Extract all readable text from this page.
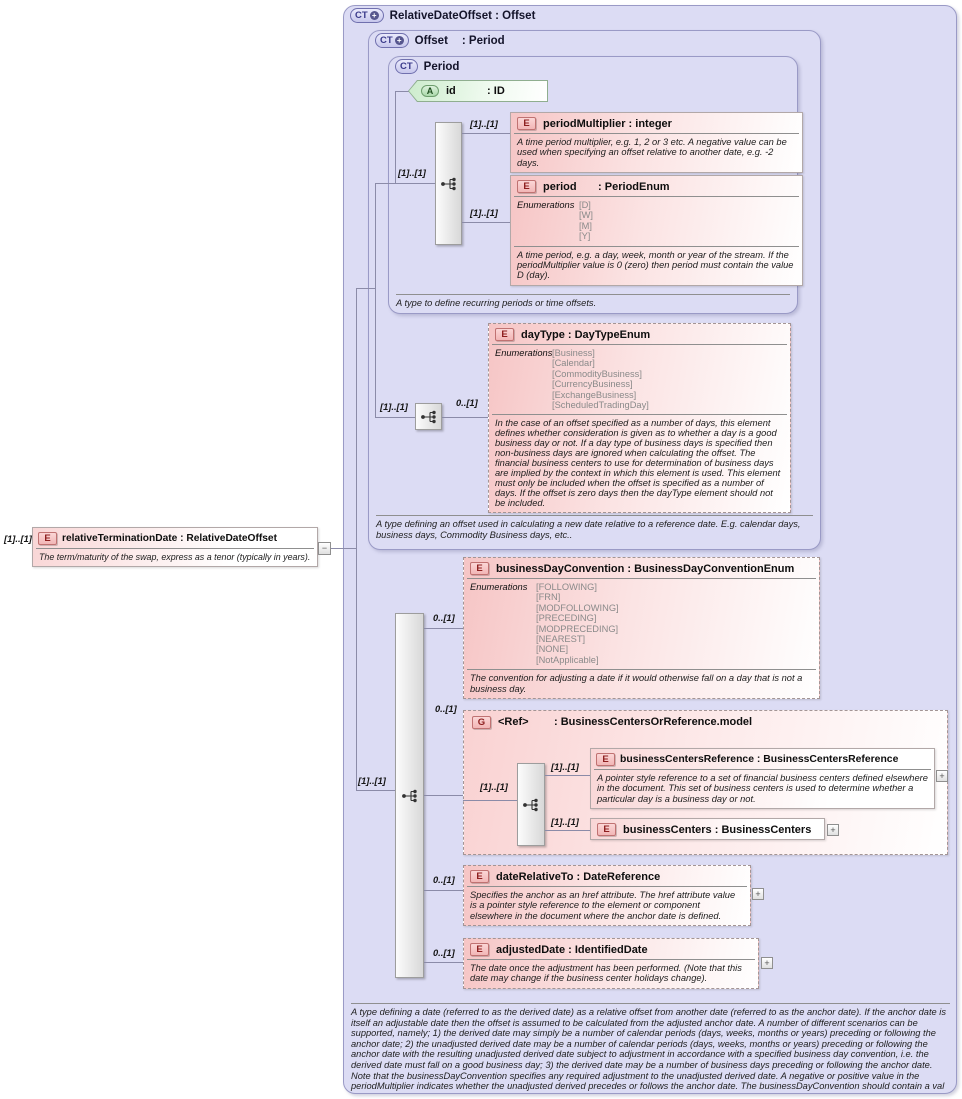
A type to define recurring periods or time offsets.
A type defining an offset used in calculating a new date relative to a reference date. E.g. calendar days, business days, Commodity Business days, etc..
A type defining a date (referred to as the derived date) as a relative offset from another date (referred to as the anchor date). If the anchor date is itself an adjustable date then the offset is assumed to be calculated from the adjusted anchor date. A number of different scenarios can be supported, namely; 1) the derived date may simply be a number of calendar periods (days, weeks, months or years) preceding or following the anchor date; 2) the unadjusted derived date may be a number of calendar periods (days, weeks, months or years) preceding or following the anchor date with the resulting unadjusted derived date subject to adjustment in accordance with a specified business day convention, i.e. the derived date must fall on a good business day; 3) the derived date may be a number of business days preceding or following the anchor date. Note that the businessDayConvention specifies any required adjustment to the unadjusted derived date. A negative or positive value in the periodMultiplier indicates whether the unadjusted derived precedes or follows the anchor date. The businessDayConvention should contain a val
E	relativeTerminationDate : RelativeDateOffset
The term/maturity of the swap, express as a tenor (typically in years).
−
CT + RelativeDateOffset : Offset
CT + Offset : Period
CT Period
A	id	: ID
E	periodMultiplier : integer
A time period multiplier, e.g. 1, 2 or 3 etc. A negative value can be used when specifying an offset relative to another date, e.g. -2 days.
E	period	: PeriodEnum
Enumerations [D]
[W]
[M]
[Y]
A time period, e.g. a day, week, month or year of the stream. If the periodMultiplier value is 0 (zero) then period must contain the value D (day).
E	dayType : DayTypeEnum
Enumerations [Business]
[Calendar]
[CommodityBusiness]
[CurrencyBusiness]
[ExchangeBusiness]
[ScheduledTradingDay]
In the case of an offset specified as a number of days, this element defines whether consideration is given as to whether a day is a good business day or not. If a day type of business days is specified then non-business days are ignored when calculating the offset. The financial business centers to use for determination of business days are implied by the context in which this element is used. This element must only be included when the offset is specified as a number of days. If the offset is zero days then the dayType element should not be included.
E	businessDayConvention : BusinessDayConventionEnum
Enumerations [FOLLOWING]
[FRN]
[MODFOLLOWING]
[PRECEDING]
[MODPRECEDING]
[NEAREST]
[NONE]
[NotApplicable]
The convention for adjusting a date if it would otherwise fall on a day that is not a business day.
G	<Ref>	: BusinessCentersOrReference.model
E	businessCentersReference : BusinessCentersReference
A pointer style reference to a set of financial business centers defined elsewhere in the document. This set of business centers is used to determine whether a particular day is a business day or not.
+
E	businessCenters : BusinessCenters	+
E	dateRelativeTo : DateReference
Specifies the anchor as an href attribute. The href attribute value is a pointer style reference to the element or component elsewhere in the document where the anchor date is defined.
+
E	adjustedDate : IdentifiedDate
The date once the adjustment has been performed. (Note that this date may change if the business center holidays change).
+
[1]..[1]
[1]..[1]
[1]..[1]
[1]..[1]
[1]..[1]	0..[1]
[1]..[1]
0..[1]
0..[1]
[1]..[1]
[1]..[1]
[1]..[1]
0..[1]
0..[1]
